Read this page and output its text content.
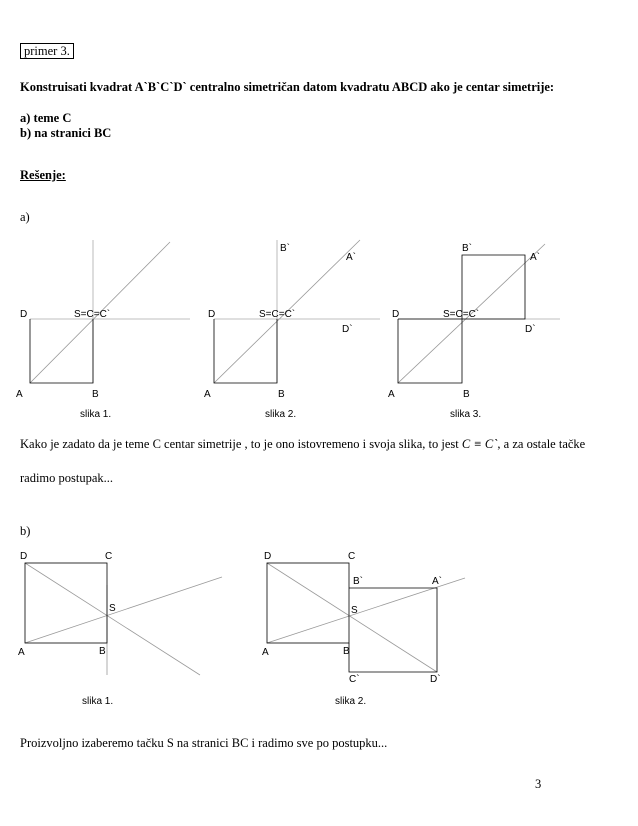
primer 3.
Konstruisati kvadrat A`B`C`D` centralno simetričan datom kvadratu ABCD ako je centar simetrije:
a) teme C
b) na stranici BC
Rešenje:
a)
Kako je zadato da je teme C centar simetrije , to je ono istovremeno i svoja slika, to jest C ≡ C`, a za ostale tačke
radimo postupak...
b)
Proizvoljno izaberemo tačku S na stranici BC i radimo sve po postupku...
3
D	S=C=C`
A	B
slika 1.
B`
A`
D	S=C=C`
D`
A	B
slika 2.
B`
A`
D	S=C=C`
D`
A	B
slika 3.
D	C
S
A	B
slika 1.
D	C
B`	A`
S
A	B
C`	D`
slika 2.
